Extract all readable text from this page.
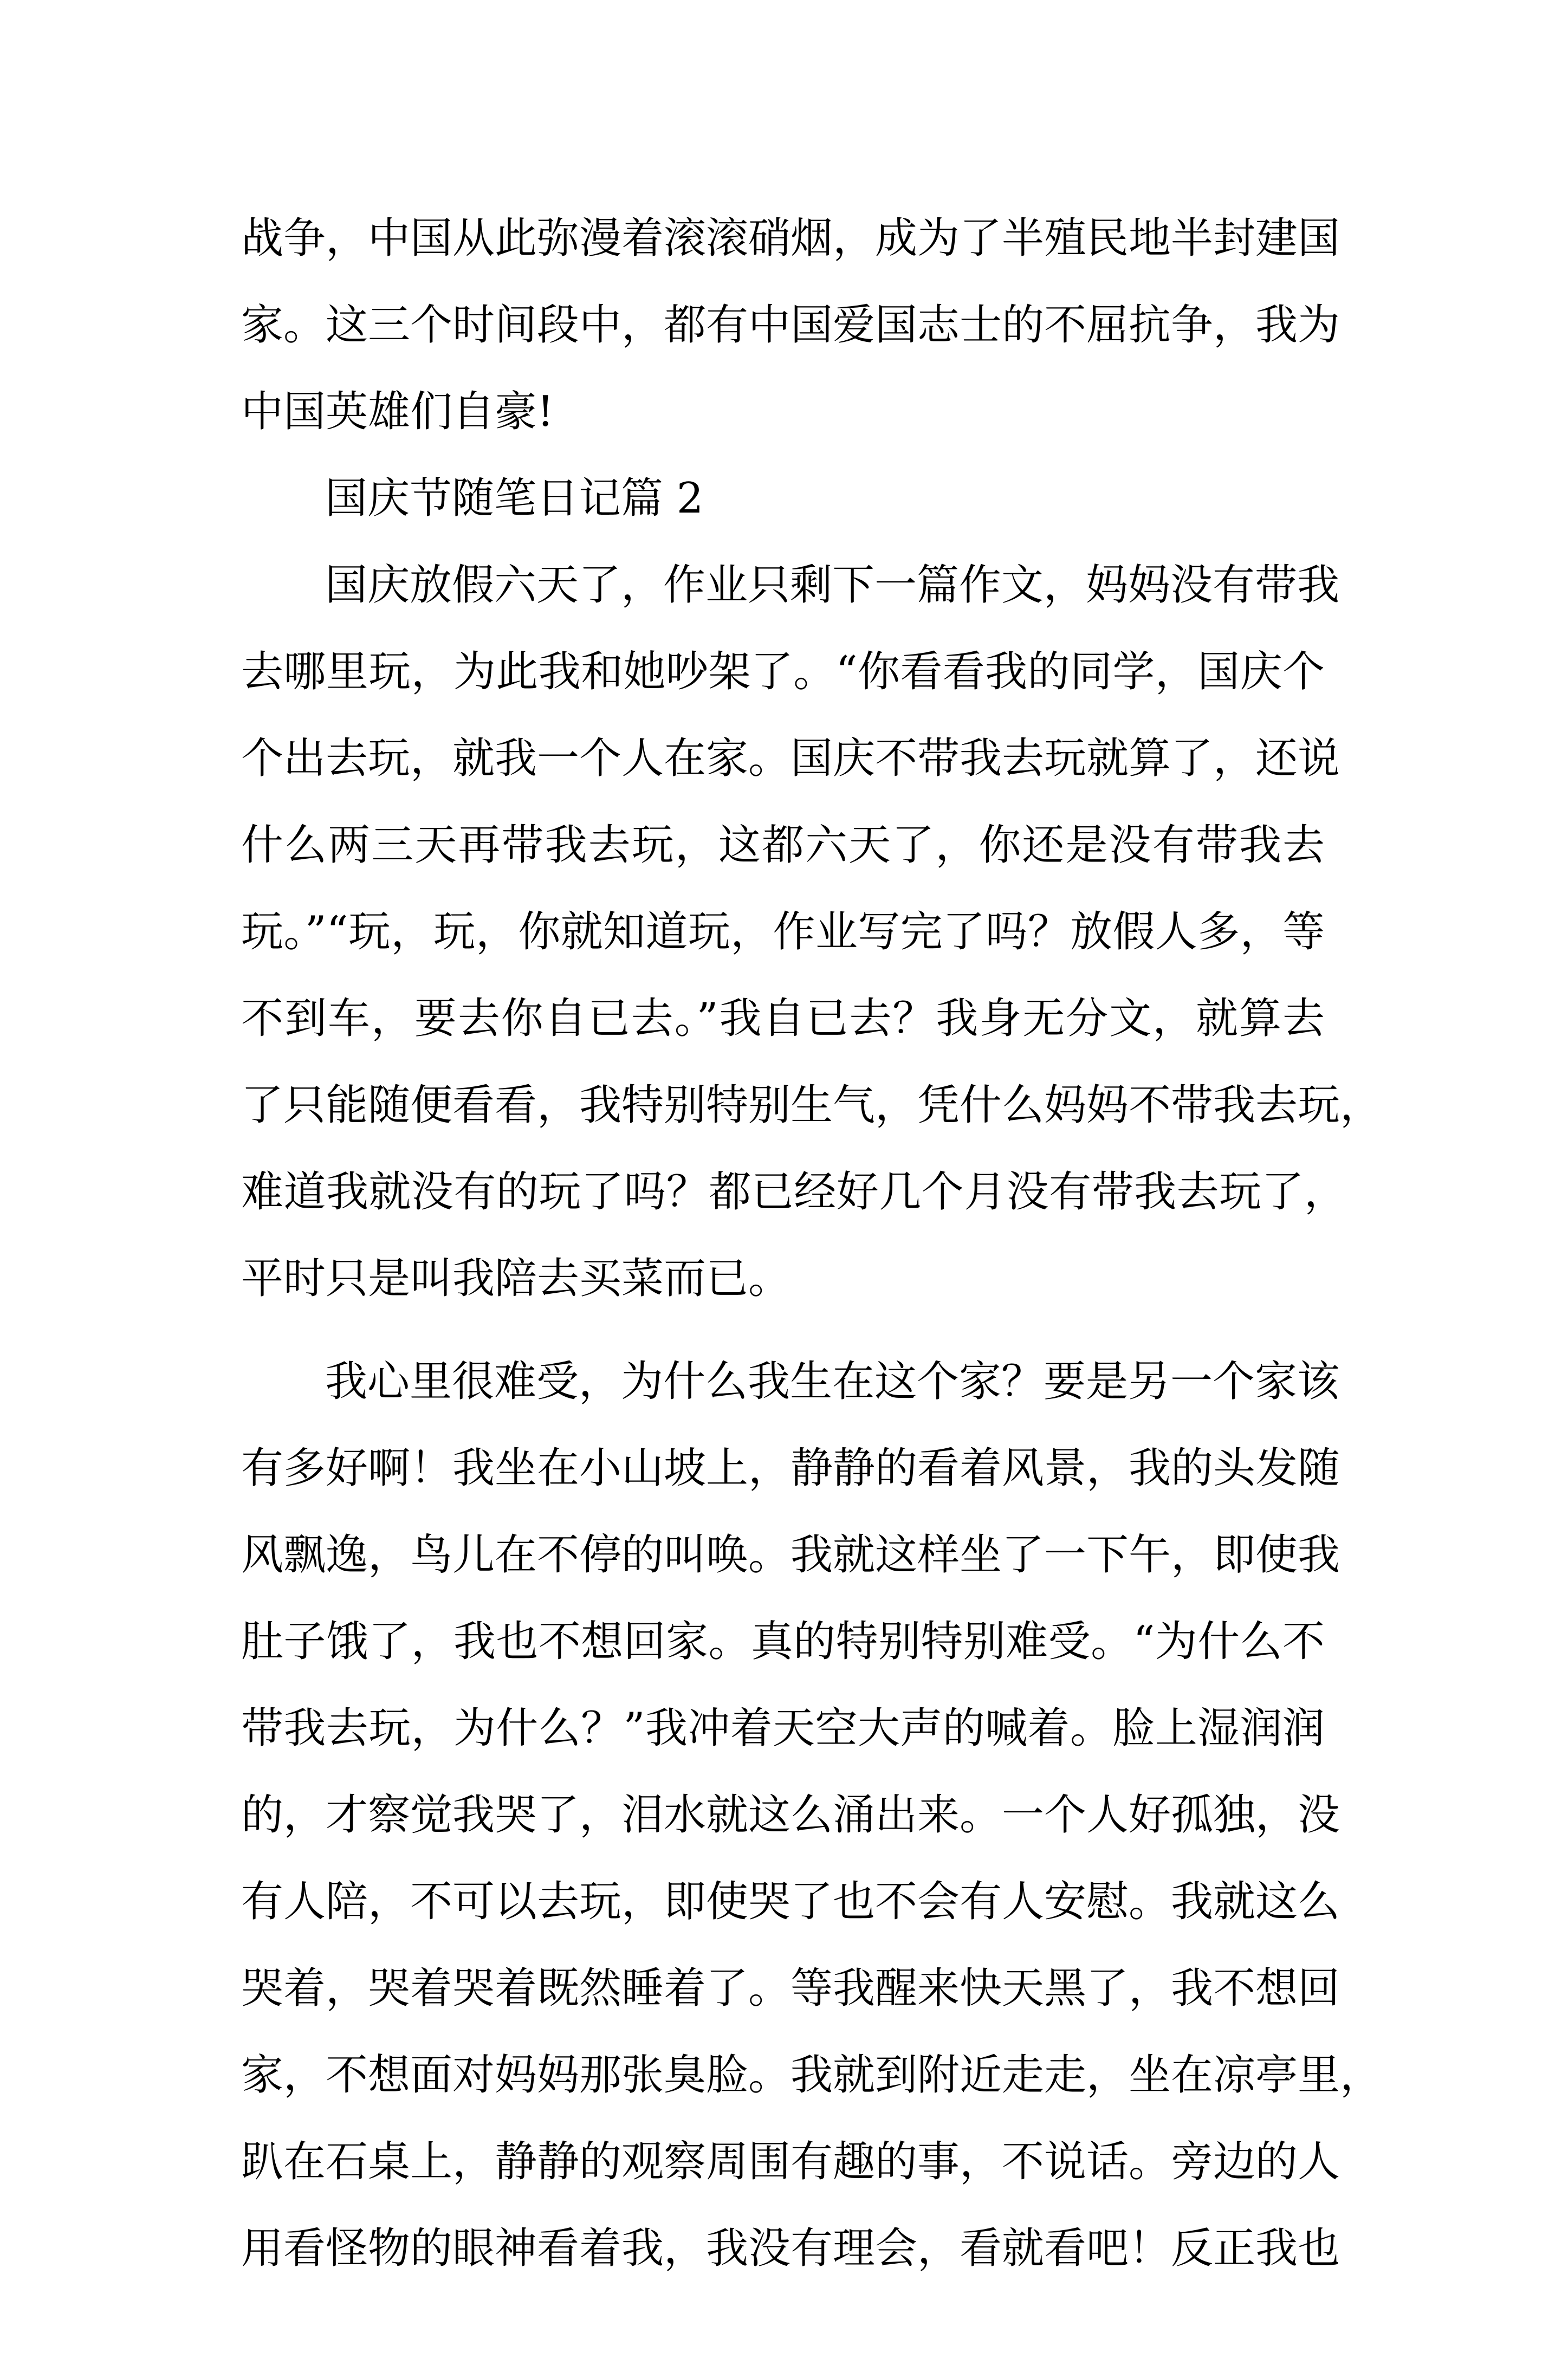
战争，中国从此弥漫着滚滚硝烟，成为了半殖民地半封建国

家。这三个时间段中，都有中国爱国志士的不屈抗争，我为

中国英雄们自豪!

国庆节随笔日记篇 2

国庆放假六天了，作业只剩下一篇作文，妈妈没有带我

去哪里玩，为此我和她吵架了。“你看看我的同学，国庆个

个出去玩，就我一个人在家。国庆不带我去玩就算了，还说

什么两三天再带我去玩，这都六天了，你还是没有带我去

玩。”“玩，玩，你就知道玩，作业写完了吗？放假人多，等

不到车，要去你自已去。”我自已去？我身无分文，就算去

了只能随便看看，我特别特别生气，凭什么妈妈不带我去玩，

难道我就没有的玩了吗？都已经好几个月没有带我去玩了，

平时只是叫我陪去买菜而已。

我心里很难受，为什么我生在这个家？要是另一个家该

有多好啊！我坐在小山坡上，静静的看着风景，我的头发随

风飘逸，鸟儿在不停的叫唤。我就这样坐了一下午，即使我

肚子饿了，我也不想回家。真的特别特别难受。“为什么不

带我去玩，为什么？”我冲着天空大声的喊着。脸上湿润润

的，才察觉我哭了，泪水就这么涌出来。一个人好孤独，没

有人陪，不可以去玩，即使哭了也不会有人安慰。我就这么

哭着，哭着哭着既然睡着了。等我醒来快天黑了，我不想回

家，不想面对妈妈那张臭脸。我就到附近走走，坐在凉亭里，

趴在石桌上，静静的观察周围有趣的事，不说话。旁边的人

用看怪物的眼神看着我，我没有理会，看就看吧！反正我也
